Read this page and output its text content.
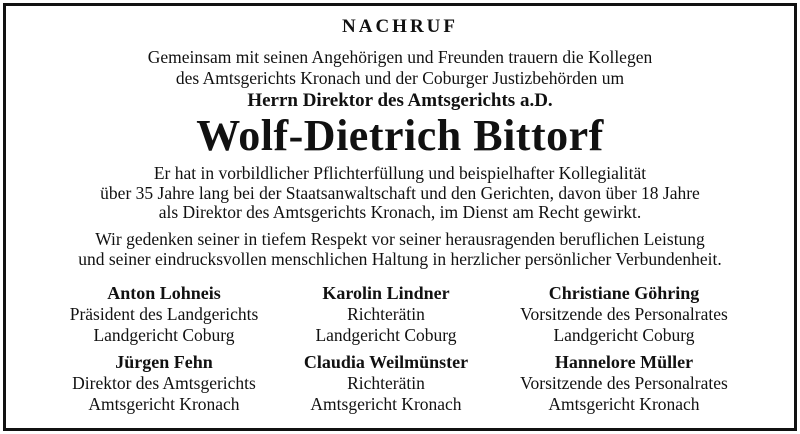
NACHRUF
Gemeinsam mit seinen Angehörigen und Freunden trauern die Kollegen
des Amtsgerichts Kronach und der Coburger Justizbehörden um
Herrn Direktor des Amtsgerichts a.D.
Wolf-Dietrich Bittorf
Er hat in vorbildlicher Pflichterfüllung und beispielhafter Kollegialität
über 35 Jahre lang bei der Staatsanwaltschaft und den Gerichten, davon über 18 Jahre
als Direktor des Amtsgerichts Kronach, im Dienst am Recht gewirkt.
Wir gedenken seiner in tiefem Respekt vor seiner herausragenden beruflichen Leistung
und seiner eindrucksvollen menschlichen Haltung in herzlicher persönlicher Verbundenheit.
Anton Lohneis
Präsident des Landgerichts
Landgericht Coburg
Karolin Lindner
Richterätin
Landgericht Coburg
Christiane Göhring
Vorsitzende des Personalrates
Landgericht Coburg
Jürgen Fehn
Direktor des Amtsgerichts
Amtsgericht Kronach
Claudia Weilmünster
Richterätin
Amtsgericht Kronach
Hannelore Müller
Vorsitzende des Personalrates
Amtsgericht Kronach
